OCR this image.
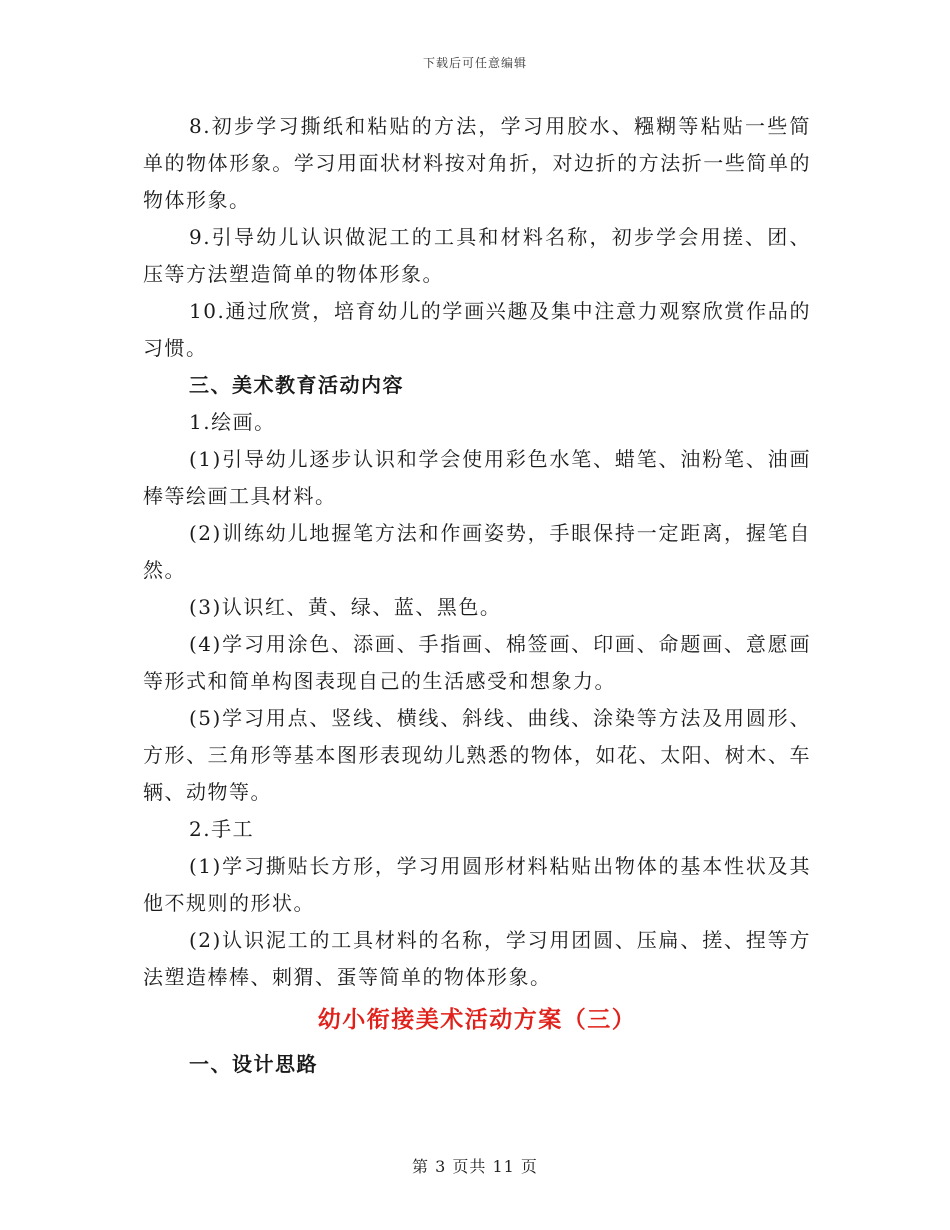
下载后可任意编辑

8.初步学习撕纸和粘贴的方法，学习用胶水、糨糊等粘贴一些简单的物体形象。学习用面状材料按对角折，对边折的方法折一些简单的物体形象。

9.引导幼儿认识做泥工的工具和材料名称，初步学会用搓、团、压等方法塑造简单的物体形象。

10.通过欣赏，培育幼儿的学画兴趣及集中注意力观察欣赏作品的习惯。

三、美术教育活动内容

1.绘画。

(1)引导幼儿逐步认识和学会使用彩色水笔、蜡笔、油粉笔、油画棒等绘画工具材料。

(2)训练幼儿地握笔方法和作画姿势，手眼保持一定距离，握笔自然。

(3)认识红、黄、绿、蓝、黑色。

(4)学习用涂色、添画、手指画、棉签画、印画、命题画、意愿画等形式和简单构图表现自己的生活感受和想象力。

(5)学习用点、竖线、横线、斜线、曲线、涂染等方法及用圆形、方形、三角形等基本图形表现幼儿熟悉的物体，如花、太阳、树木、车辆、动物等。

2.手工

(1)学习撕贴长方形，学习用圆形材料粘贴出物体的基本性状及其他不规则的形状。

(2)认识泥工的工具材料的名称，学习用团圆、压扁、搓、捏等方法塑造棒棒、刺猬、蛋等简单的物体形象。

幼小衔接美术活动方案（三）

一、设计思路

第 3 页共 11 页
